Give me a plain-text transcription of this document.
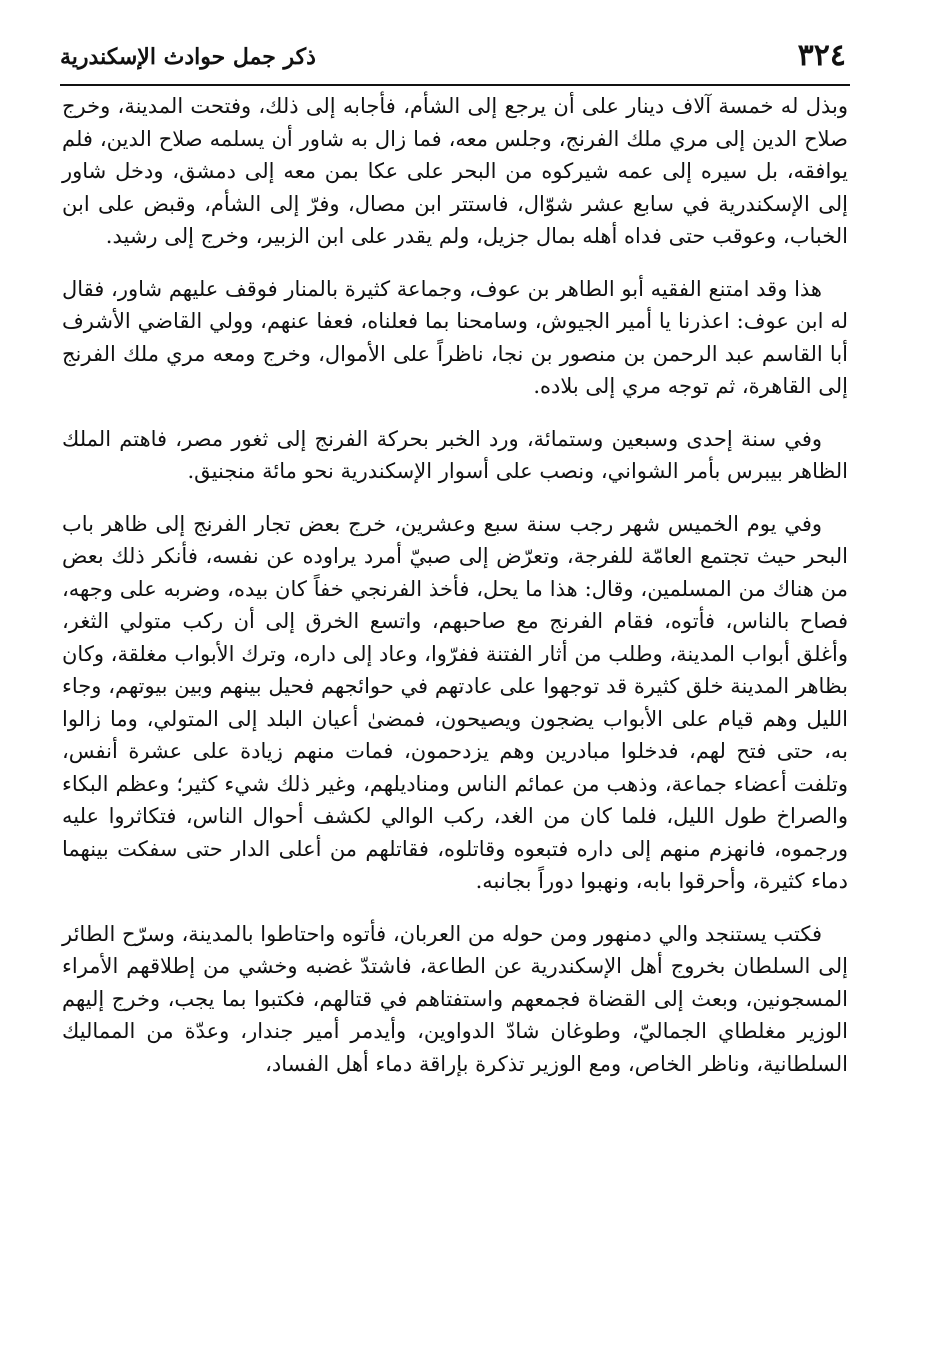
٣٢٤
ذكر جمل حوادث الإسكندرية

وبذل له خمسة آلاف دينار على أن يرجع إلى الشأم، فأجابه إلى ذلك، وفتحت المدينة، وخرج صلاح الدين إلى مري ملك الفرنج، وجلس معه، فما زال به شاور أن يسلمه صلاح الدين، فلم يوافقه، بل سيره إلى عمه شيركوه من البحر على عكا بمن معه إلى دمشق، ودخل شاور إلى الإسكندرية في سابع عشر شوّال، فاستتر ابن مصال، وفرّ إلى الشأم، وقبض على ابن الخباب، وعوقب حتى فداه أهله بمال جزيل، ولم يقدر على ابن الزبير، وخرج إلى رشيد.

هذا وقد امتنع الفقيه أبو الطاهر بن عوف، وجماعة كثيرة بالمنار فوقف عليهم شاور، فقال له ابن عوف: اعذرنا يا أمير الجيوش، وسامحنا بما فعلناه، فعفا عنهم، وولي القاضي الأشرف أبا القاسم عبد الرحمن بن منصور بن نجا، ناظراً على الأموال، وخرج ومعه مري ملك الفرنج إلى القاهرة، ثم توجه مري إلى بلاده.

وفي سنة إحدى وسبعين وستمائة، ورد الخبر بحركة الفرنج إلى ثغور مصر، فاهتم الملك الظاهر بيبرس بأمر الشواني، ونصب على أسوار الإسكندرية نحو مائة منجنيق.

وفي يوم الخميس شهر رجب سنة سبع وعشرين، خرج بعض تجار الفرنج إلى ظاهر باب البحر حيث تجتمع العامّة للفرجة، وتعرّض إلى صبيّ أمرد يراوده عن نفسه، فأنكر ذلك بعض من هناك من المسلمين، وقال: هذا ما يحل، فأخذ الفرنجي خفاً كان بيده، وضربه على وجهه، فصاح بالناس، فأتوه، فقام الفرنج مع صاحبهم، واتسع الخرق إلى أن ركب متولي الثغر، وأغلق أبواب المدينة، وطلب من أثار الفتنة ففرّوا، وعاد إلى داره، وترك الأبواب مغلقة، وكان بظاهر المدينة خلق كثيرة قد توجهوا على عادتهم في حوائجهم فحيل بينهم وبين بيوتهم، وجاء الليل وهم قيام على الأبواب يضجون ويصيحون، فمضىٰ أعيان البلد إلى المتولي، وما زالوا به، حتى فتح لهم، فدخلوا مبادرين وهم يزدحمون، فمات منهم زيادة على عشرة أنفس، وتلفت أعضاء جماعة، وذهب من عمائم الناس ومناديلهم، وغير ذلك شيء كثير؛ وعظم البكاء والصراخ طول الليل، فلما كان من الغد، ركب الوالي لكشف أحوال الناس، فتكاثروا عليه ورجموه، فانهزم منهم إلى داره فتبعوه وقاتلوه، فقاتلهم من أعلى الدار حتى سفكت بينهما دماء كثيرة، وأحرقوا بابه، ونهبوا دوراً بجانبه.

فكتب يستنجد والي دمنهور ومن حوله من العربان، فأتوه واحتاطوا بالمدينة، وسرّح الطائر إلى السلطان بخروج أهل الإسكندرية عن الطاعة، فاشتدّ غضبه وخشي من إطلاقهم الأمراء المسجونين، وبعث إلى القضاة فجمعهم واستفتاهم في قتالهم، فكتبوا بما يجب، وخرج إليهم الوزير مغلطاي الجماليّ، وطوغان شادّ الدواوين، وأيدمر أمير جندار، وعدّة من المماليك السلطانية، وناظر الخاص، ومع الوزير تذكرة بإراقة دماء أهل الفساد،
